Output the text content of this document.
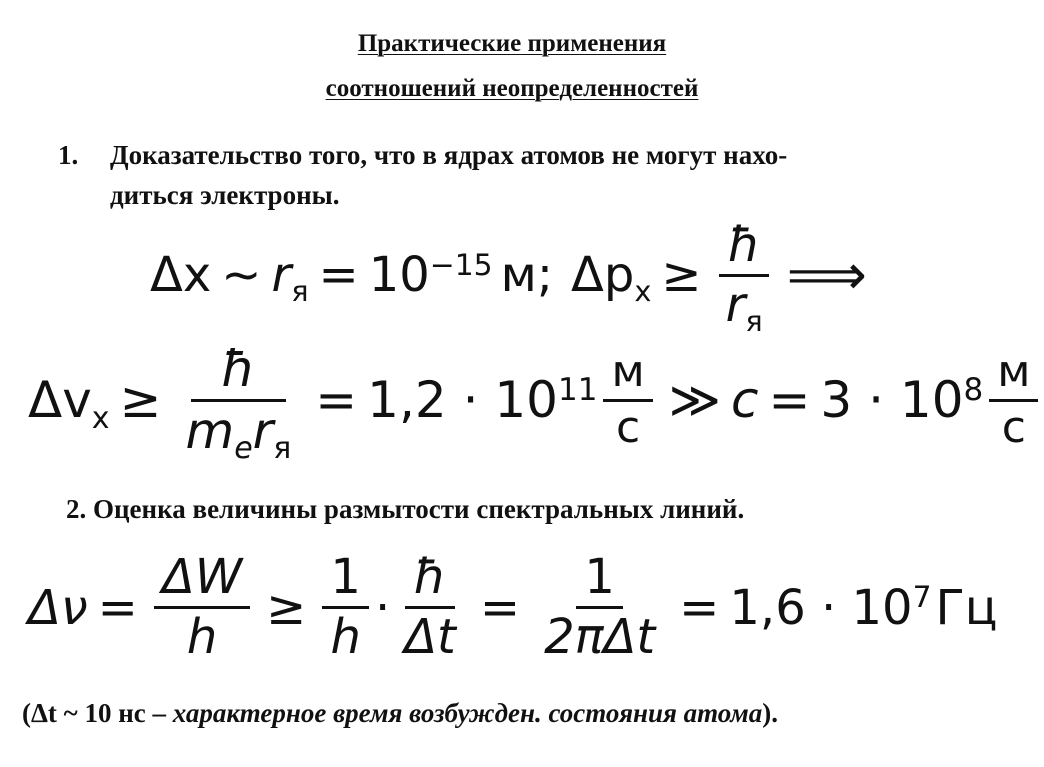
Практические применения
соотношений неопределенностей
1. Доказательство того, что в ядрах атомов не могут нахо-
диться электроны.
Δx ~ $r_я = 10^{-15}$ м; $\Delta p_x \ge \frac{ħ}{r_я}$ ⟹
$\Delta v_x \ge \frac{ħ}{m_er_я} = 1,2 \cdot 10^{11} \frac{м}{с}$ ≫ $c = 3 \cdot 10^8 \frac{м}{с}$
2. Оценка величины размытости спектральных линий.
$\Delta\nu = \frac{\Delta W}{h} \ge \frac{1}{h} \cdot \frac{ħ}{\Delta t} = \frac{1}{\text{2πΔt}} = 1,6 \cdot 10^7$ Гц
(Δt ~ 10 нс – характерное время возбужден. состояния атома).
